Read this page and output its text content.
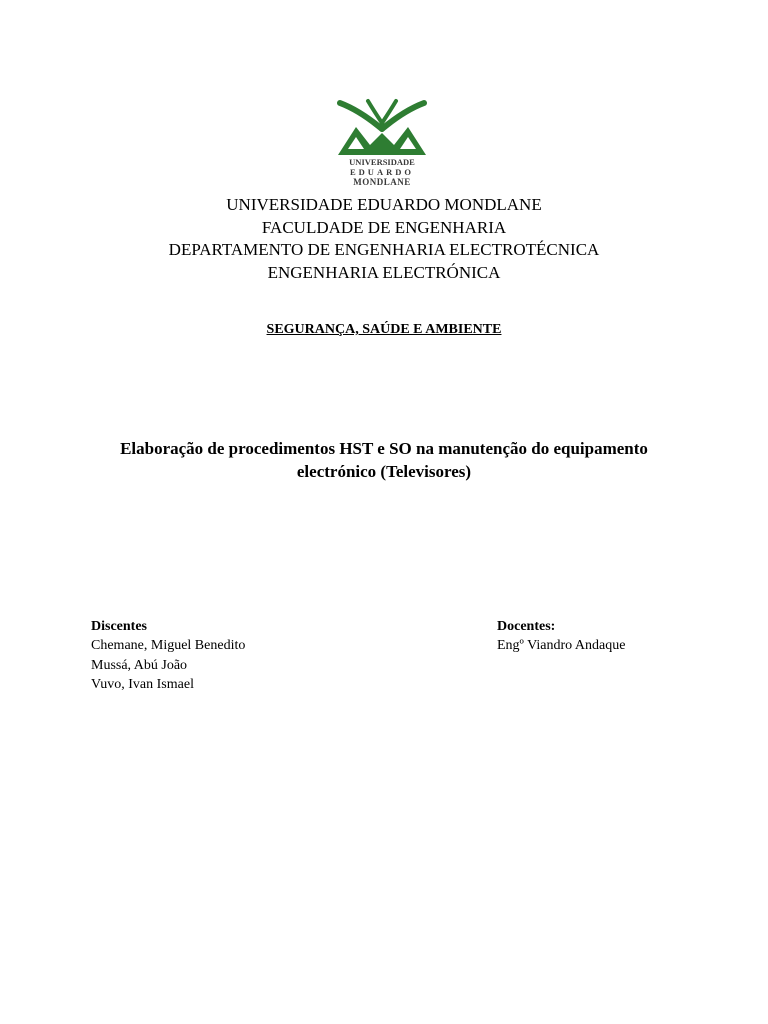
UNIVERSIDADE
EDUARDO
MONDLANE
UNIVERSIDADE EDUARDO MONDLANE
FACULDADE DE ENGENHARIA
DEPARTAMENTO DE ENGENHARIA ELECTROTÉCNICA
ENGENHARIA ELECTRÓNICA
SEGURANÇA, SAÚDE E AMBIENTE
Elaboração de procedimentos HST e SO na manutenção do equipamento
electrónico (Televisores)
Discentes
Chemane, Miguel Benedito
Mussá, Abú João
Vuvo, Ivan Ismael
Docentes:
Engº Viandro Andaque
